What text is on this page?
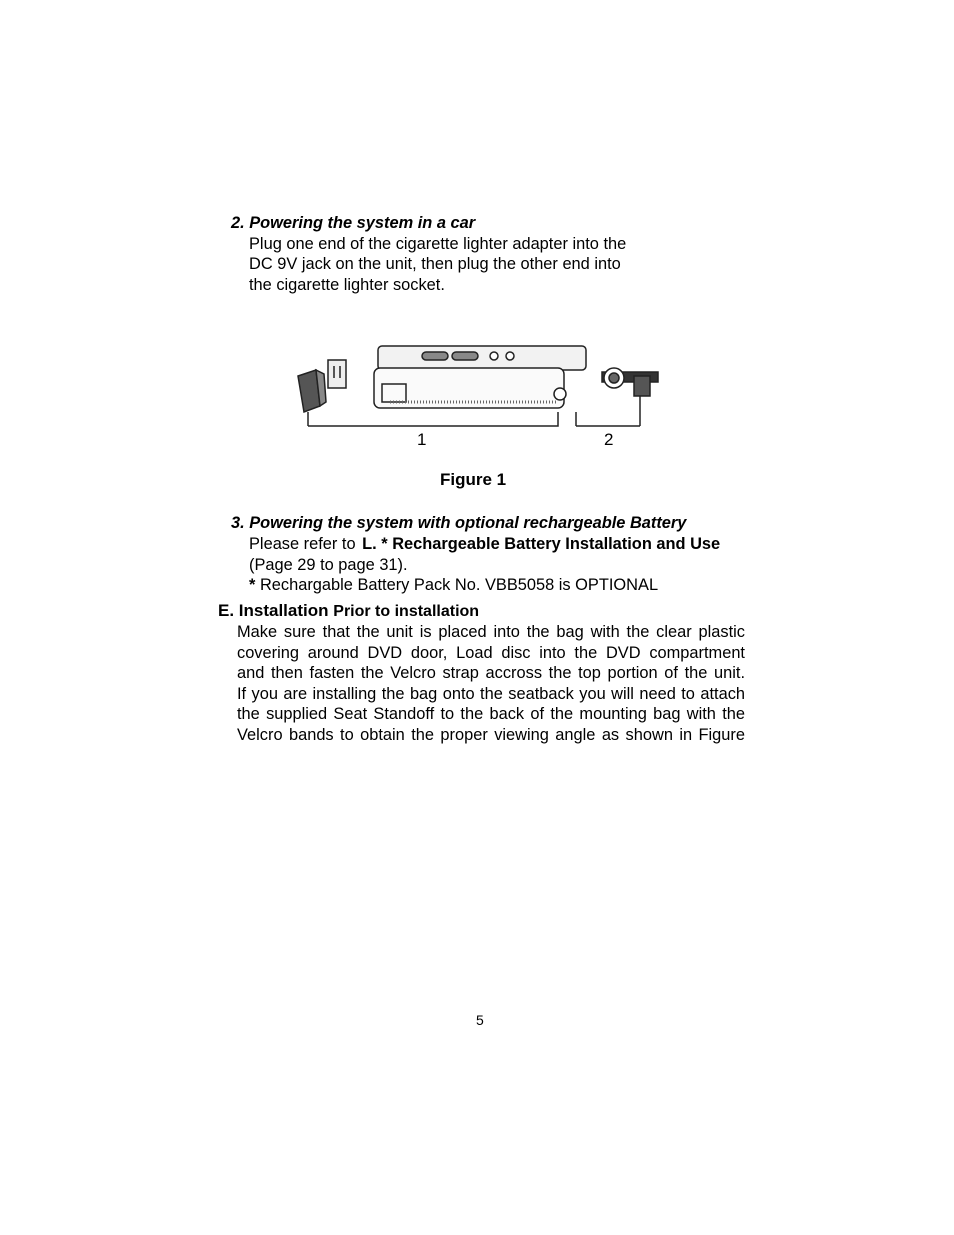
2. Powering the system in a car
Plug one end of the cigarette lighter adapter into the
DC 9V jack on the unit, then plug the other end into
the cigarette lighter socket.
1	2
Figure 1
3. Powering the system with optional rechargeable Battery
Please refer to L. * Rechargeable Battery Installation and Use
(Page 29 to page 31).
* Rechargable Battery Pack No. VBB5058 is OPTIONAL
E. Installation Prior to installation
Make sure that the unit is placed into the bag with the clear plastic
covering around DVD door, Load disc into the DVD compartment
and then fasten the Velcro strap accross the top portion of the unit.
If you are installing the bag onto the seatback you will need to attach
the supplied Seat Standoff to the back of the mounting bag with the
Velcro bands to obtain the proper viewing angle as shown in Figure
5
